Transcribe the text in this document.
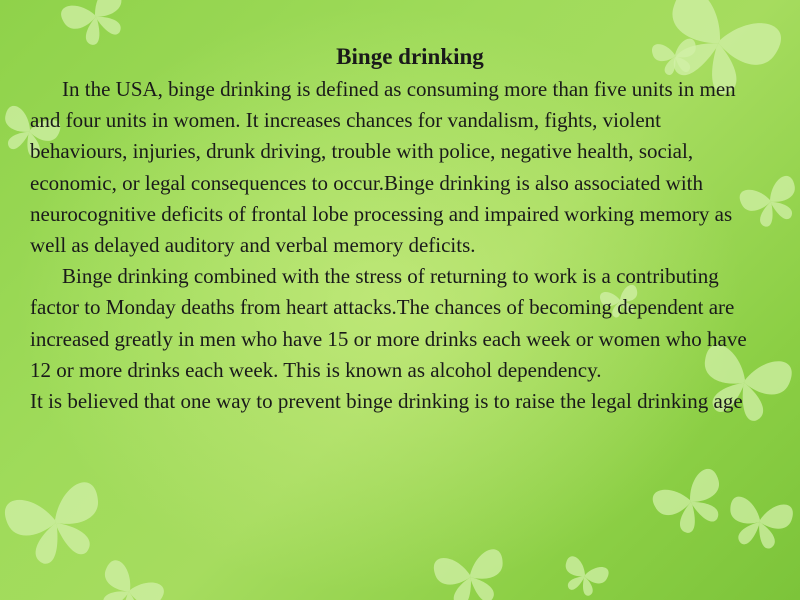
Binge drinking

In the USA, binge drinking is defined as consuming more than five units in men and four units in women. It increases chances for vandalism, fights, violent behaviours, injuries, drunk driving, trouble with police, negative health, social, economic, or legal consequences to occur.Binge drinking is also associated with neurocognitive deficits of frontal lobe processing and impaired working memory as well as delayed auditory and verbal memory deficits.

Binge drinking combined with the stress of returning to work is a contributing factor to Monday deaths from heart attacks.The chances of becoming dependent are increased greatly in men who have 15 or more drinks each week or women who have 12 or more drinks each week. This is known as alcohol dependency.

It is believed that one way to prevent binge drinking is to raise the legal drinking age
